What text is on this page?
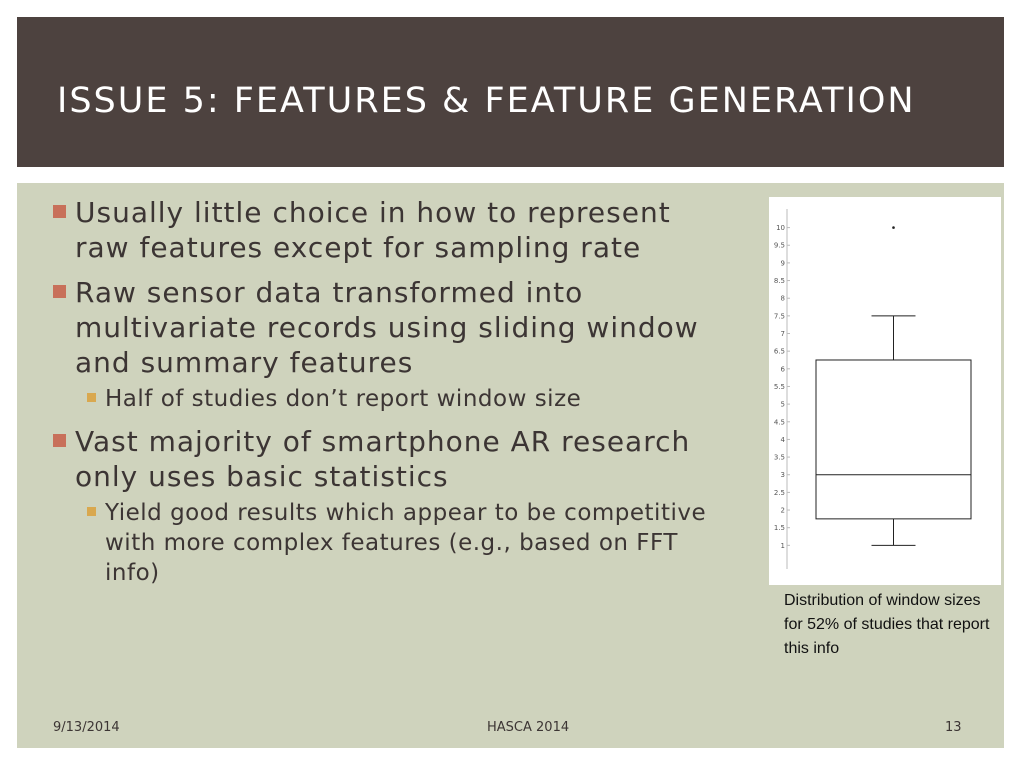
ISSUE 5: FEATURES & FEATURE GENERATION
Usually little choice in how to represent raw features except for sampling rate
Raw sensor data transformed into multivariate records using sliding window and summary features
Half of studies don’t report window size
Vast majority of smartphone AR research only uses basic statistics
Yield good results which appear to be competitive with more complex features (e.g., based on FFT info)
1
1.5
2
2.5
3
3.5
4
4.5
5
5.5
6
6.5
7
7.5
8
8.5
9
9.5
10
Distribution of window sizes for 52% of studies that report this info
9/13/2014	HASCA 2014	13
